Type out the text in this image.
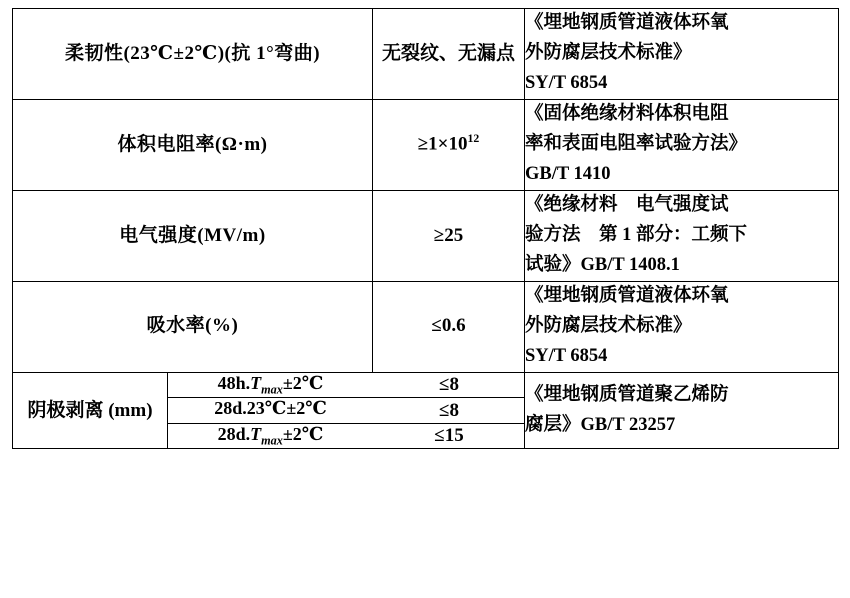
柔韧性(23℃±2℃)(抗 1°弯曲)	无裂纹、无漏点	
《埋地钢质管道液体环氧
外防腐层技术标准》
SY/T 6854

体积电阻率(Ω·m)	$\ge 1\times 10^{12}$	
《固体绝缘材料体积电阻
率和表面电阻率试验方法》
GB/T 1410

电气强度(MV/m)	≥25	
《绝缘材料　电气强度试
验方法　第 1 部分：工频下
试验》GB/T 1408.1

吸水率(%)	≤0.6	
《埋地钢质管道液体环氧
外防腐层技术标准》
SY/T 6854

阴极剥离 (mm)	
$48h.T_{max}\pm 2℃$	≤8
28d.23℃±2℃	≤8
$28d.T_{max}\pm 2℃$	≤15

《埋地钢质管道聚乙烯防
腐层》GB/T 23257
